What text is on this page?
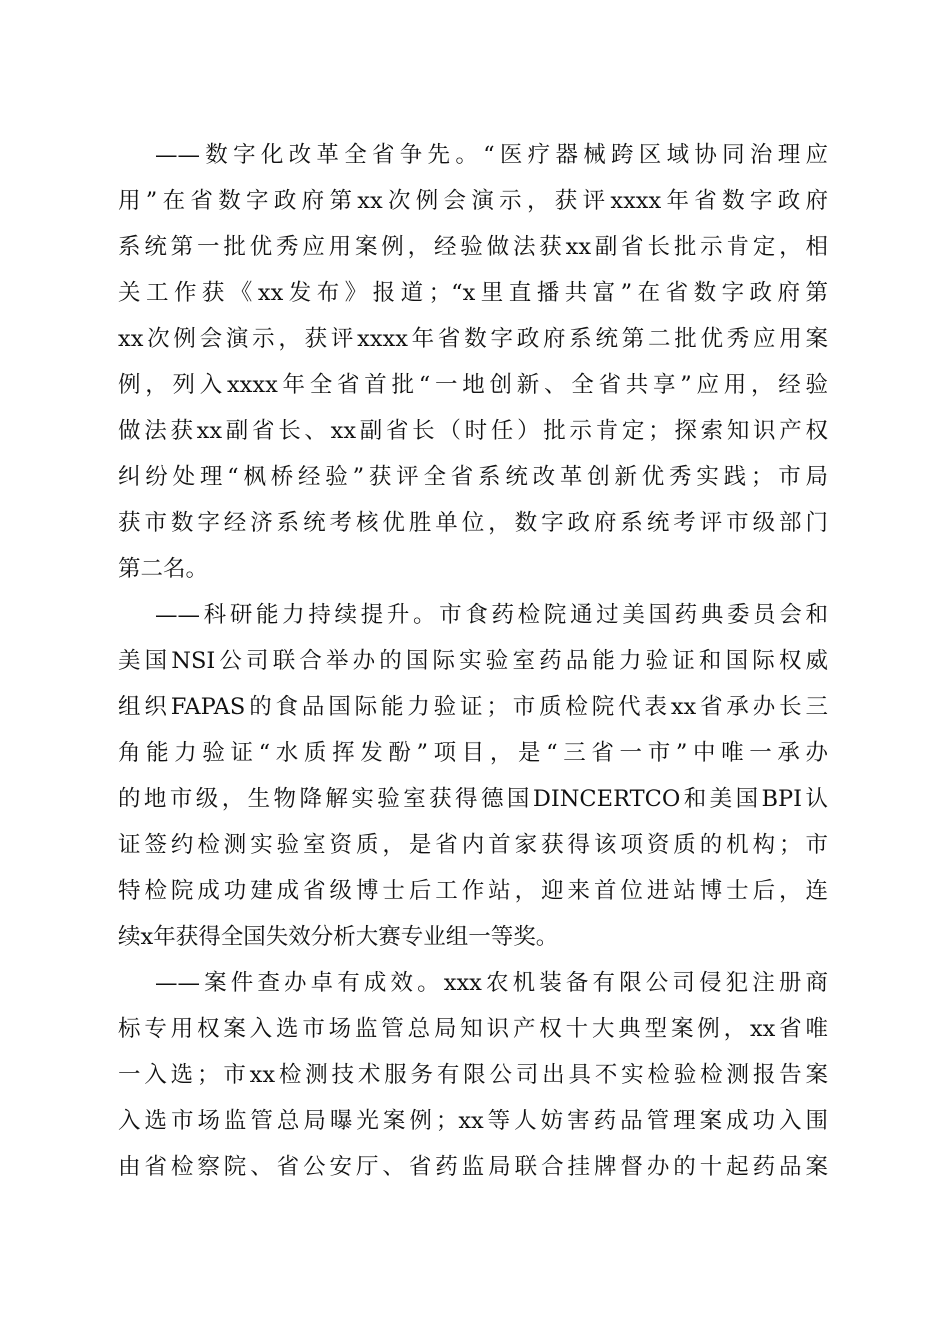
——数字化改革全省争先。“医疗器械跨区域协同治理应
用”在省数字政府第xx次例会演示，获评xxxx年省数字政府
系统第一批优秀应用案例，经验做法获xx副省长批示肯定，相
关工作获《xx发布》报道；“x里直播共富”在省数字政府第
xx次例会演示，获评xxxx年省数字政府系统第二批优秀应用案
例，列入xxxx年全省首批“一地创新、全省共享”应用，经验
做法获xx副省长、xx副省长（时任）批示肯定；探索知识产权
纠纷处理“枫桥经验”获评全省系统改革创新优秀实践；市局
获市数字经济系统考核优胜单位，数字政府系统考评市级部门
第二名。
——科研能力持续提升。市食药检院通过美国药典委员会和
美国NSI公司联合举办的国际实验室药品能力验证和国际权威
组织FAPAS的食品国际能力验证；市质检院代表xx省承办长三
角能力验证“水质挥发酚”项目，是“三省一市”中唯一承办
的地市级，生物降解实验室获得德国DINCERTCO和美国BPI认
证签约检测实验室资质，是省内首家获得该项资质的机构；市
特检院成功建成省级博士后工作站，迎来首位进站博士后，连
续x年获得全国失效分析大赛专业组一等奖。
——案件查办卓有成效。xxx农机装备有限公司侵犯注册商
标专用权案入选市场监管总局知识产权十大典型案例，xx省唯
一入选；市xx检测技术服务有限公司出具不实检验检测报告案
入选市场监管总局曝光案例；xx等人妨害药品管理案成功入围
由省检察院、省公安厅、省药监局联合挂牌督办的十起药品案
